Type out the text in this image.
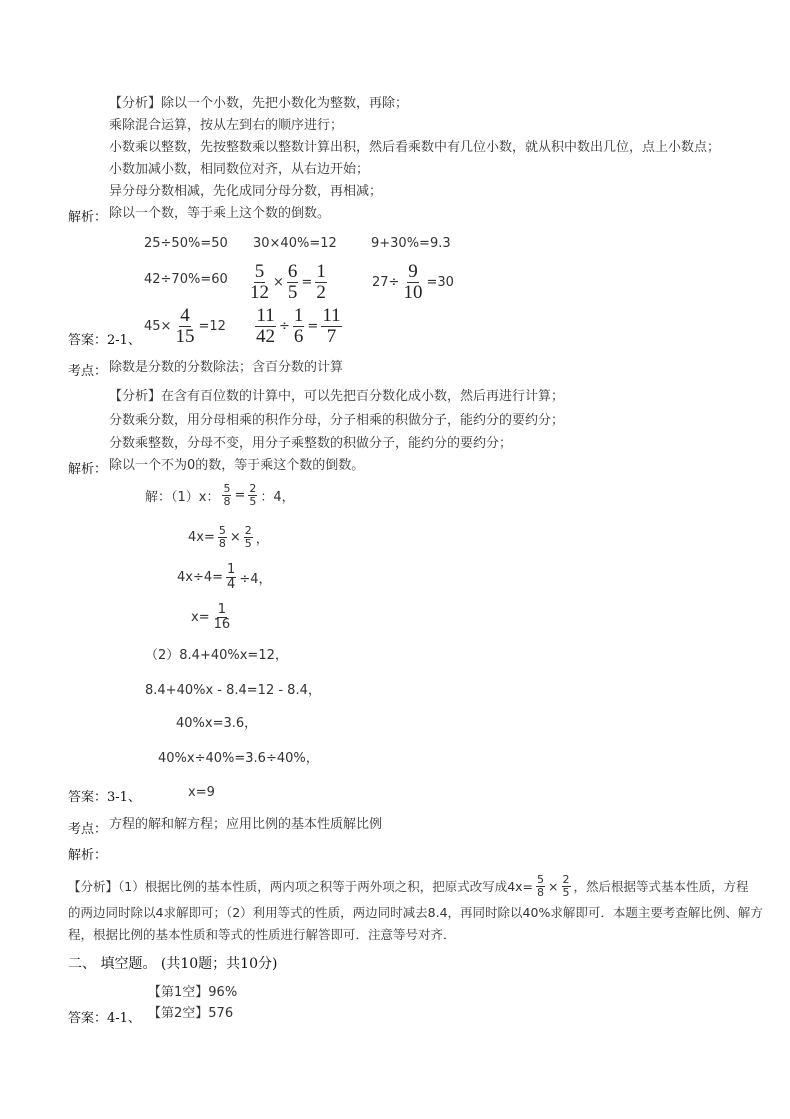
【分析】除以一个小数，先把小数化为整数，再除；
乘除混合运算，按从左到右的顺序进行；
小数乘以整数，先按整数乘以整数计算出积，然后看乘数中有几位小数，就从积中数出几位，点上小数点；
小数加减小数，相同数位对齐，从右边开始；
异分母分数相减，先化成同分母分数，再相减；
除以一个数，等于乘上这个数的倒数。
解析：
25÷50%=50 30×40%=12	9+30%=9.3
$42\div 70\%=60 \frac{5}{12} \times \frac{6}{5} = \frac{1}{2}$	$27\div \frac{9}{10} =30$
$45\times \frac{4}{15} =12 \frac{11}{42} \div \frac{1}{6} = \frac{11}{7}$
答案：2-1、
考点： 除数是分数的分数除法；含百分数的计算
【分析】在含有百位数的计算中，可以先把百分数化成小数，然后再进行计算；
分数乘分数，用分母相乘的积作分母，分子相乘的积做分子，能约分的要约分；
分数乘整数，分母不变，用分子乘整数的积做分子，能约分的要约分；
除以一个不为0的数，等于乘这个数的倒数。
解析：
解：（1）x： $\frac{5}{8} = \frac{2}{5}$ ：4，
$4x= \frac{5}{8} \times \frac{2}{5}$ ，
$4x\div 4= \frac{1}{4} \div 4$，
$x= \frac{1}{16}$
（2）8.4+40%x=12，
8.4+40%x - 8.4=12 - 8.4，
40%x=3.6，
40%x÷40%=3.6÷40%，
x=9
答案：3-1、
考点： 方程的解和解方程；应用比例的基本性质解比例
解析：
【分析】（1）根据比例的基本性质，两内项之积等于两外项之积，把原式改写成$4x= \frac{5}{8} \times \frac{2}{5}$ ，然后根据等式基本性质，方程
的两边同时除以4求解即可；（2）利用等式的性质，两边同时减去8.4，再同时除以40%求解即可．本题主要考查解比例、解方
程，根据比例的基本性质和等式的性质进行解答即可．注意等号对齐．
二、 填空题。 (共10题；共10分)
【第1空】96%
【第2空】576
答案：4-1、
